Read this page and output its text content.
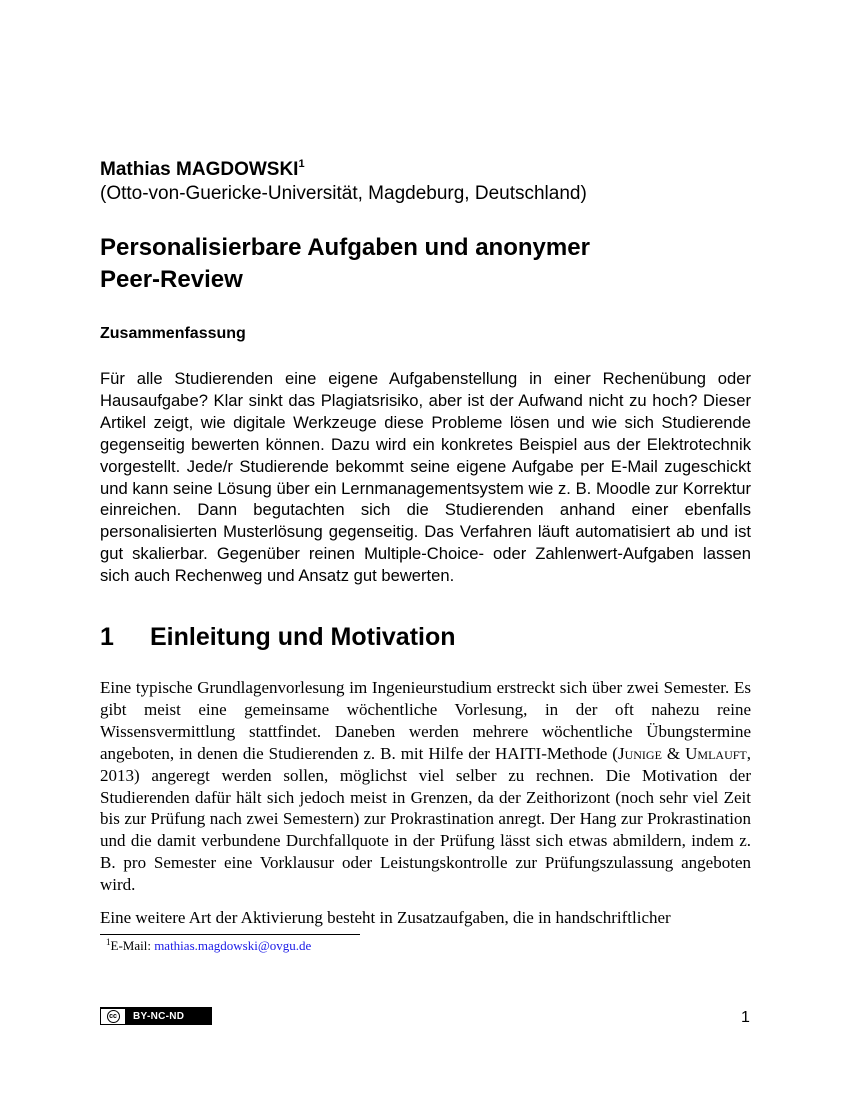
Mathias MAGDOWSKI$^1$
(Otto-von-Guericke-Universität, Magdeburg, Deutschland)
Personalisierbare Aufgaben und anonymer
Peer-Review
Zusammenfassung

Für alle Studierenden eine eigene Aufgabenstellung in einer Rechenübung oder Hausaufgabe? Klar sinkt das Plagiatsrisiko, aber ist der Aufwand nicht zu hoch? Dieser Artikel zeigt, wie digitale Werkzeuge diese Probleme lösen und wie sich Studierende gegenseitig bewerten können. Dazu wird ein konkretes Beispiel aus der Elektrotechnik vorgestellt. Jede/r Studierende bekommt seine eigene Aufgabe per E-Mail zugeschickt und kann seine Lösung über ein Lernmanagementsystem wie z. B. Moodle zur Korrektur einreichen. Dann begutachten sich die Studierenden anhand einer ebenfalls personalisierten Musterlösung gegenseitig. Das Verfahren läuft automatisiert ab und ist gut skalierbar. Gegenüber reinen Multiple-Choice- oder Zahlenwert-Aufgaben lassen sich auch Rechenweg und Ansatz gut bewerten.

1 Einleitung und Motivation

Eine typische Grundlagenvorlesung im Ingenieurstudium erstreckt sich über zwei Semester. Es gibt meist eine gemeinsame wöchentliche Vorlesung, in der oft nahezu reine Wissensvermittlung stattfindet. Daneben werden mehrere wöchentliche Übungstermine angeboten, in denen die Studierenden z. B. mit Hilfe der HAITI-Methode (Junige & Umlauft, 2013) angeregt werden sollen, möglichst viel selber zu rechnen. Die Motivation der Studierenden dafür hält sich jedoch meist in Grenzen, da der Zeithorizont (noch sehr viel Zeit bis zur Prüfung nach zwei Semestern) zur Prokrastination anregt. Der Hang zur Prokrastination und die damit verbundene Durchfallquote in der Prüfung lässt sich etwas abmildern, indem z. B. pro Semester eine Vorklausur oder Leistungskontrolle zur Prüfungszulassung angeboten wird.

Eine weitere Art der Aktivierung besteht in Zusatzaufgaben, die in handschriftlicher

$^1$E-Mail: mathias.magdowski@ovgu.de
cc	BY-NC-ND	1
